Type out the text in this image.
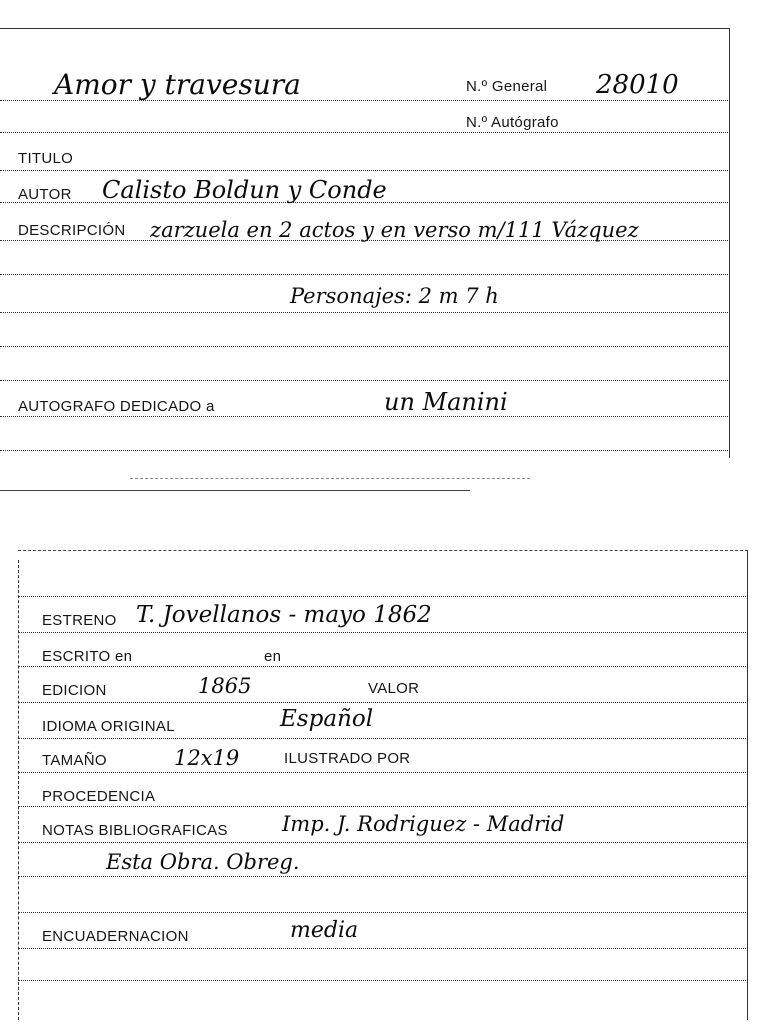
Amor y travesura	N.º General 28010
N.º Autógrafo
TITULO
AUTOR Calisto Boldun y Conde
DESCRIPCIÓN zarzuela en 2 actos y en verso m/111 Vázquez
Personajes: 2 m 7 h
AUTOGRAFO DEDICADO a	un Manini
ESTRENO T. Jovellanos - mayo 1862
ESCRITO en	en
EDICION	1865	VALOR
IDIOMA ORIGINAL	Español
TAMAÑO	12x19	ILUSTRADO POR
PROCEDENCIA
NOTAS BIBLIOGRAFICAS	Imp. J. Rodriguez - Madrid
Esta Obra. Obreg.
ENCUADERNACION	media
